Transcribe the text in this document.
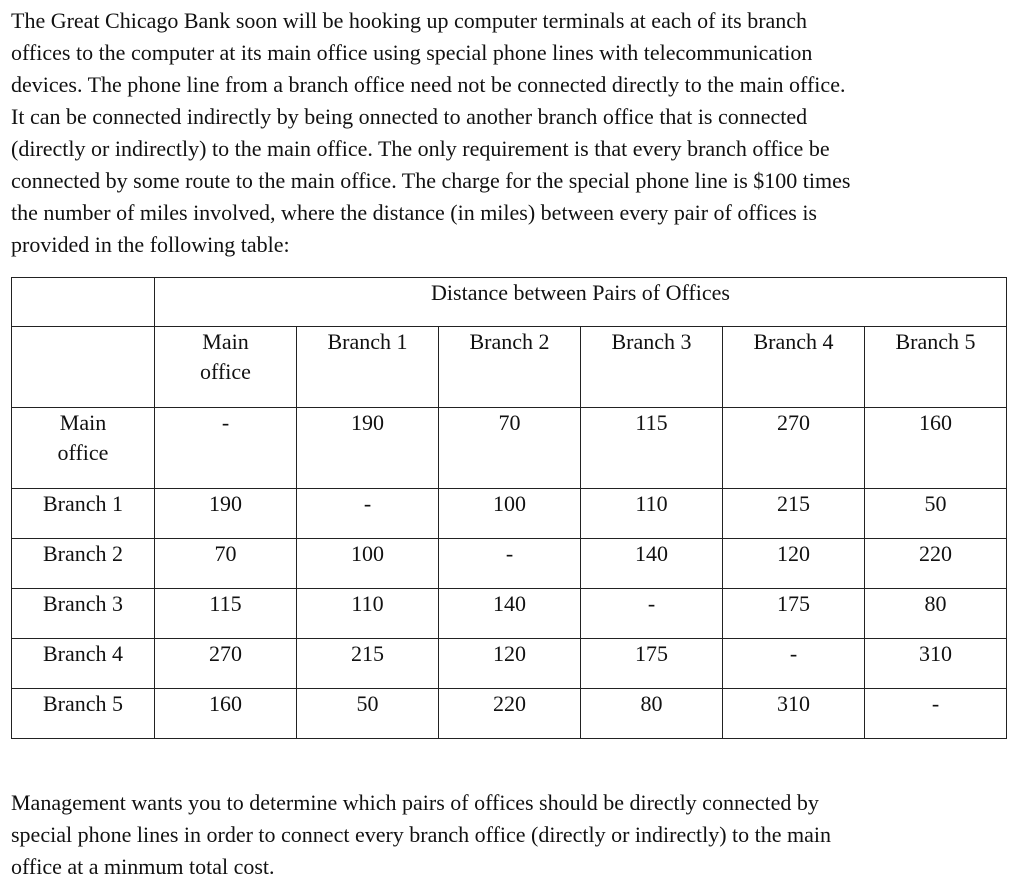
The Great Chicago Bank soon will be hooking up computer terminals at each of its branch
offices to the computer at its main office using special phone lines with telecommunication
devices. The phone line from a branch office need not be connected directly to the main office.
It can be connected indirectly by being onnected to another branch office that is connected
(directly or indirectly) to the main office. The only requirement is that every branch office be
connected by some route to the main office. The charge for the special phone line is $100 times
the number of miles involved, where the distance (in miles) between every pair of offices is
provided in the following table:
	Distance between Pairs of Offices					

	Main
office	Branch 1	Branch 2	Branch 3	Branch 4	Branch 5

Main
office	-	190	70	115	270	160
Branch 1	190	-	100	110	215	50
Branch 2	70	100	-	140	120	220
Branch 3	115	110	140	-	175	80
Branch 4	270	215	120	175	-	310
Branch 5	160	50	220	80	310	-
Management wants you to determine which pairs of offices should be directly connected by
special phone lines in order to connect every branch office (directly or indirectly) to the main
office at a minmum total cost.
